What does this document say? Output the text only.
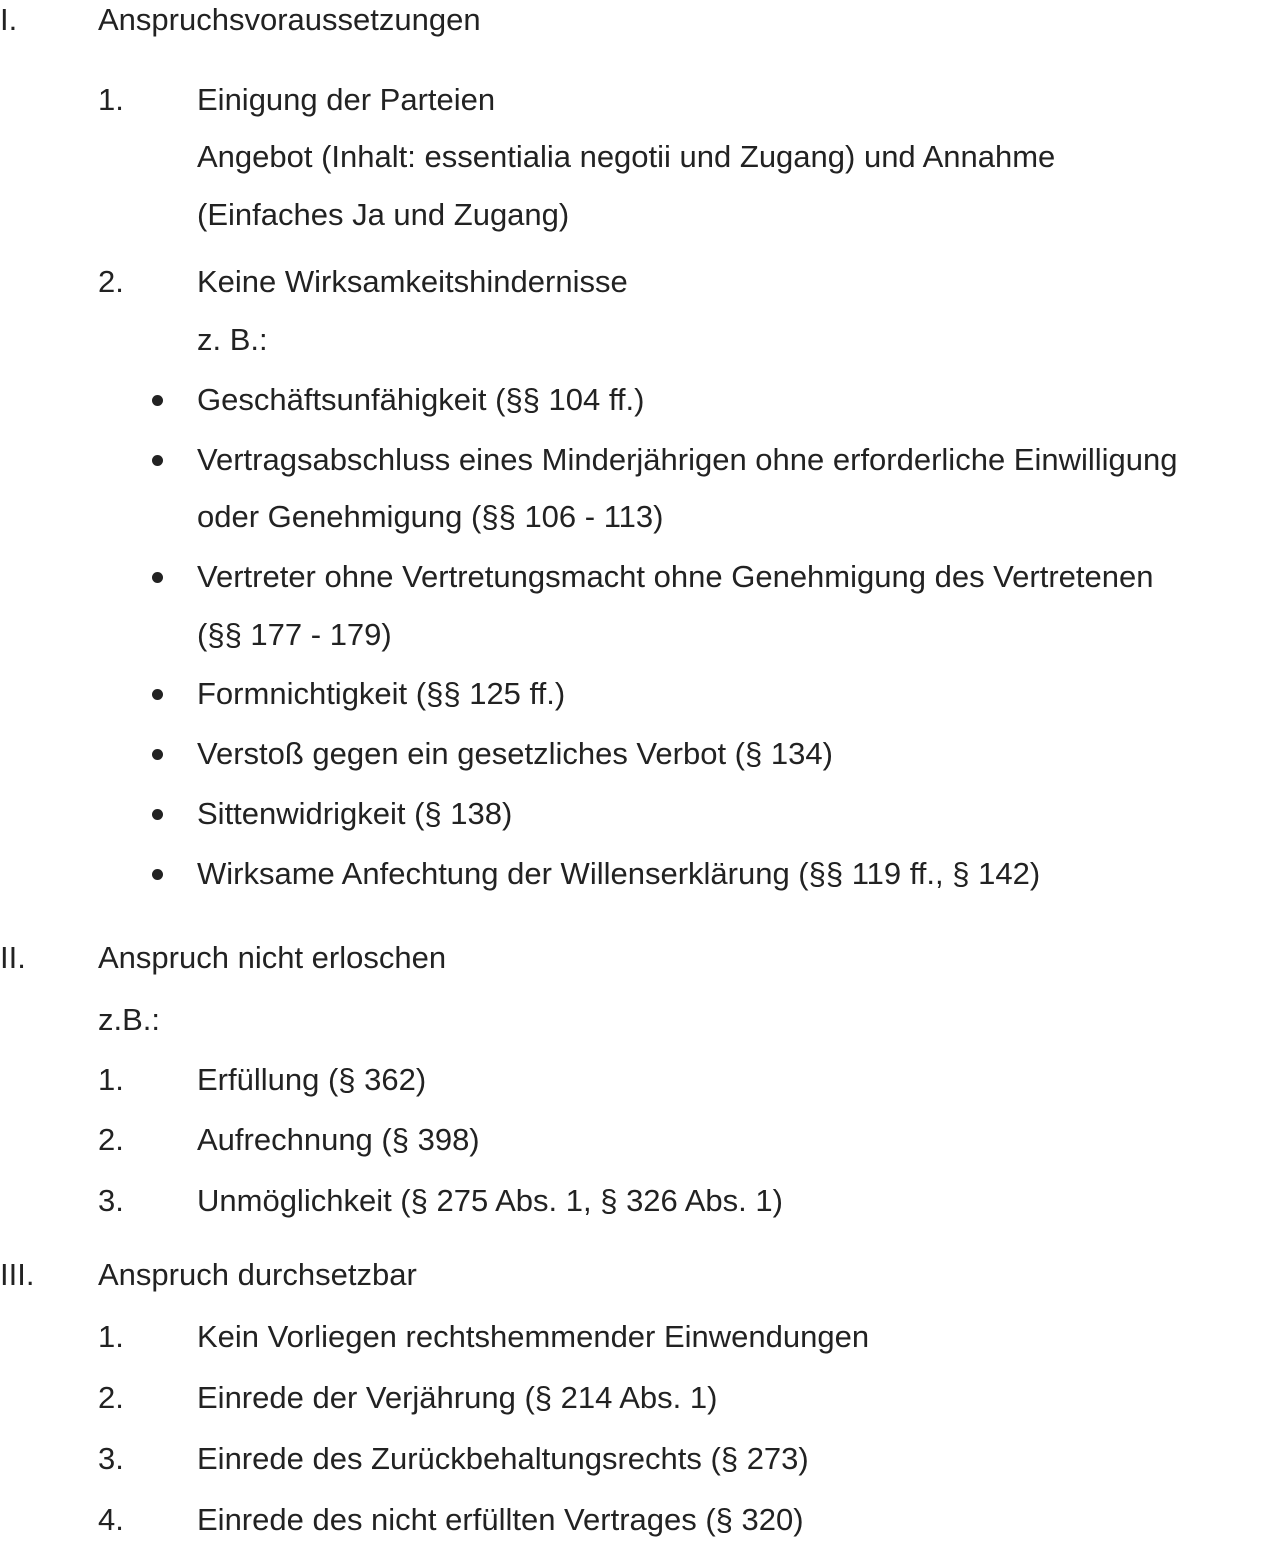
I.	Anspruchsvoraussetzungen
1. Einigung der Parteien
Angebot (Inhalt: essentialia negotii und Zugang) und Annahme
(Einfaches Ja und Zugang)
2. Keine Wirksamkeitshindernisse
z. B.:
Geschäftsunfähigkeit (§§ 104 ff.)
Vertragsabschluss eines Minderjährigen ohne erforderliche Einwilligung
oder Genehmigung (§§ 106 - 113)
Vertreter ohne Vertretungsmacht ohne Genehmigung des Vertretenen
(§§ 177 - 179)
Formnichtigkeit (§§ 125 ff.)
Verstoß gegen ein gesetzliches Verbot (§ 134)
Sittenwidrigkeit (§ 138)
Wirksame Anfechtung der Willenserklärung (§§ 119 ff., § 142)
II. Anspruch nicht erloschen
z.B.:
1. Erfüllung (§ 362)
2. Aufrechnung (§ 398)
3. Unmöglichkeit (§ 275 Abs. 1, § 326 Abs. 1)
III. Anspruch durchsetzbar
1. Kein Vorliegen rechtshemmender Einwendungen
2. Einrede der Verjährung (§ 214 Abs. 1)
3. Einrede des Zurückbehaltungsrechts (§ 273)
4. Einrede des nicht erfüllten Vertrages (§ 320)
